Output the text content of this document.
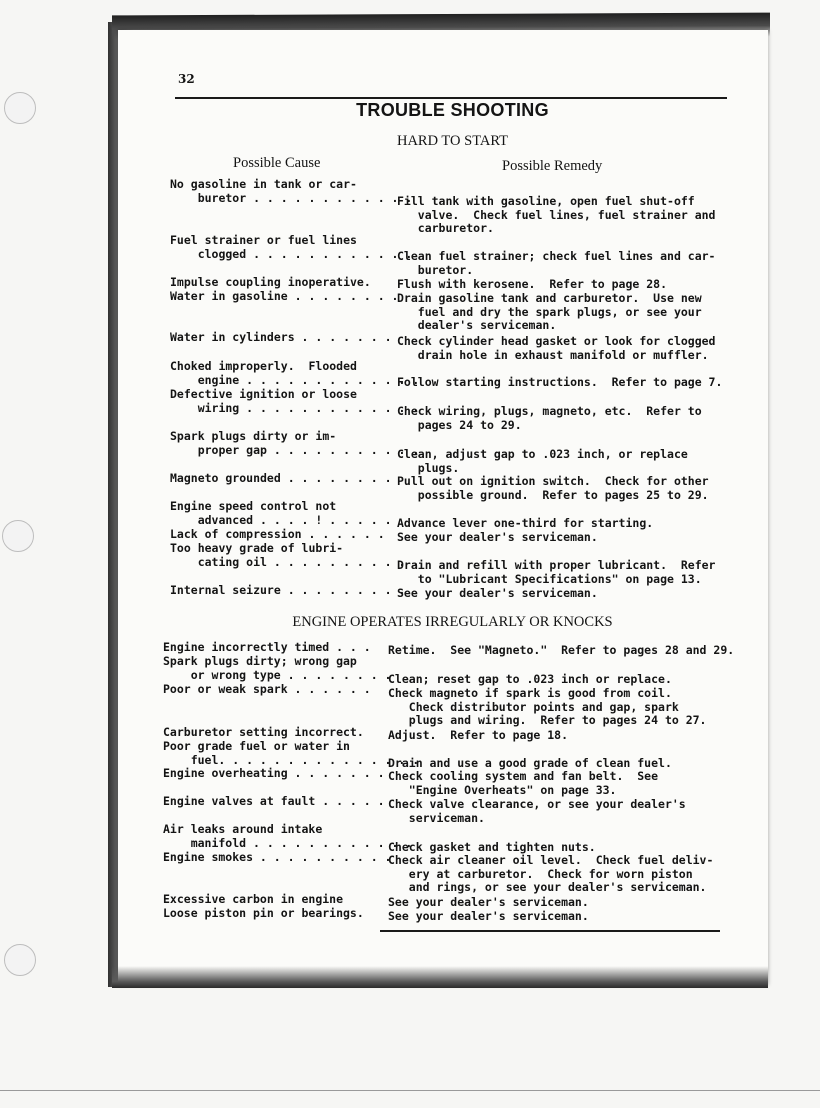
32
TROUBLE SHOOTING
HARD TO START
Possible Cause	Possible Remedy
No gasoline in tank or car-
buretor . . . . . . . . . . . .
Fill tank with gasoline, open fuel shut-off
valve.  Check fuel lines, fuel strainer and
carburetor.
Fuel strainer or fuel lines
clogged . . . . . . . . . . . .
Clean fuel strainer; check fuel lines and car-
buretor.
Impulse coupling inoperative. Flush with kerosene.  Refer to page 28.
Water in gasoline . . . . . . . .
Drain gasoline tank and carburetor.  Use new
fuel and dry the spark plugs, or see your
dealer's serviceman.
Water in cylinders . . . . . . . Check cylinder head gasket or look for clogged
drain hole in exhaust manifold or muffler.
Choked improperly.  Flooded
engine . . . . . . . . . . . . .
Follow starting instructions.  Refer to page 7.
Defective ignition or loose
wiring . . . . . . . . . . . . .
Check wiring, plugs, magneto, etc.  Refer to
pages 24 to 29.
Spark plugs dirty or im-
proper gap . . . . . . . . . . .
Clean, adjust gap to .023 inch, or replace
plugs.
Magneto grounded . . . . . . . . Pull out on ignition switch.  Check for other
possible ground.  Refer to pages 25 to 29.
Engine speed control not
advanced . . . . ! . . . . . Advance lever one-third for starting.
Lack of compression . . . . . . See your dealer's serviceman.
Too heavy grade of lubri-
cating oil . . . . . . . . . . .
Drain and refill with proper lubricant.  Refer
to "Lubricant Specifications" on page 13.
Internal seizure . . . . . . . . .
See your dealer's serviceman.
ENGINE OPERATES IRREGULARLY OR KNOCKS
Engine incorrectly timed . . . Retime.  See "Magneto."  Refer to pages 28 and 29.
Spark plugs dirty; wrong gap
or wrong type . . . . . . . .
Clean; reset gap to .023 inch or replace.
Poor or weak spark . . . . . . Check magneto if spark is good from coil.
Check distributor points and gap, spark
plugs and wiring.  Refer to pages 24 to 27.
Carburetor setting incorrect. Adjust.  Refer to page 18.
Poor grade fuel or water in
fuel. . . . . . . . . . . . . . .
Drain and use a good grade of clean fuel.
Engine overheating . . . . . . . Check cooling system and fan belt.  See
"Engine Overheats" on page 33.
Engine valves at fault . . . . . Check valve clearance, or see your dealer's
serviceman.
Air leaks around intake
manifold . . . . . . . . . . . .
Check gasket and tighten nuts.
Engine smokes . . . . . . . . . .
Check air cleaner oil level.  Check fuel deliv-
ery at carburetor.  Check for worn piston
and rings, or see your dealer's serviceman.
Excessive carbon in engine	See your dealer's serviceman.
Loose piston pin or bearings. See your dealer's serviceman.
